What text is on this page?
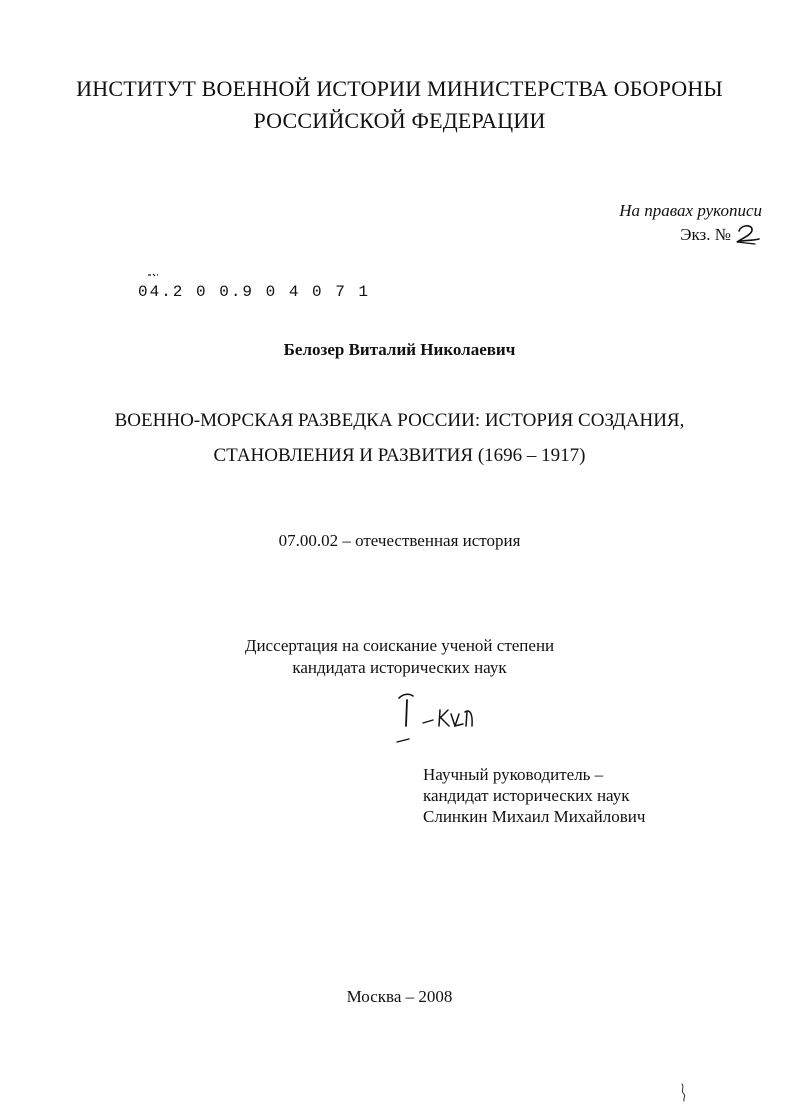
ИНСТИТУТ ВОЕННОЙ ИСТОРИИ МИНИСТЕРСТВА ОБОРОНЫ
РОССИЙСКОЙ ФЕДЕРАЦИИ
На правах рукописи
Экз. №
04.2 0 0.9 0 4 0 7 1
Белозер Виталий Николаевич
ВОЕННО-МОРСКАЯ РАЗВЕДКА РОССИИ: ИСТОРИЯ СОЗДАНИЯ,
СТАНОВЛЕНИЯ И РАЗВИТИЯ (1696 – 1917)
07.00.02 – отечественная история
Диссертация на соискание ученой степени
кандидата исторических наук
Научный руководитель –
кандидат исторических наук
Слинкин Михаил Михайлович
Москва – 2008
